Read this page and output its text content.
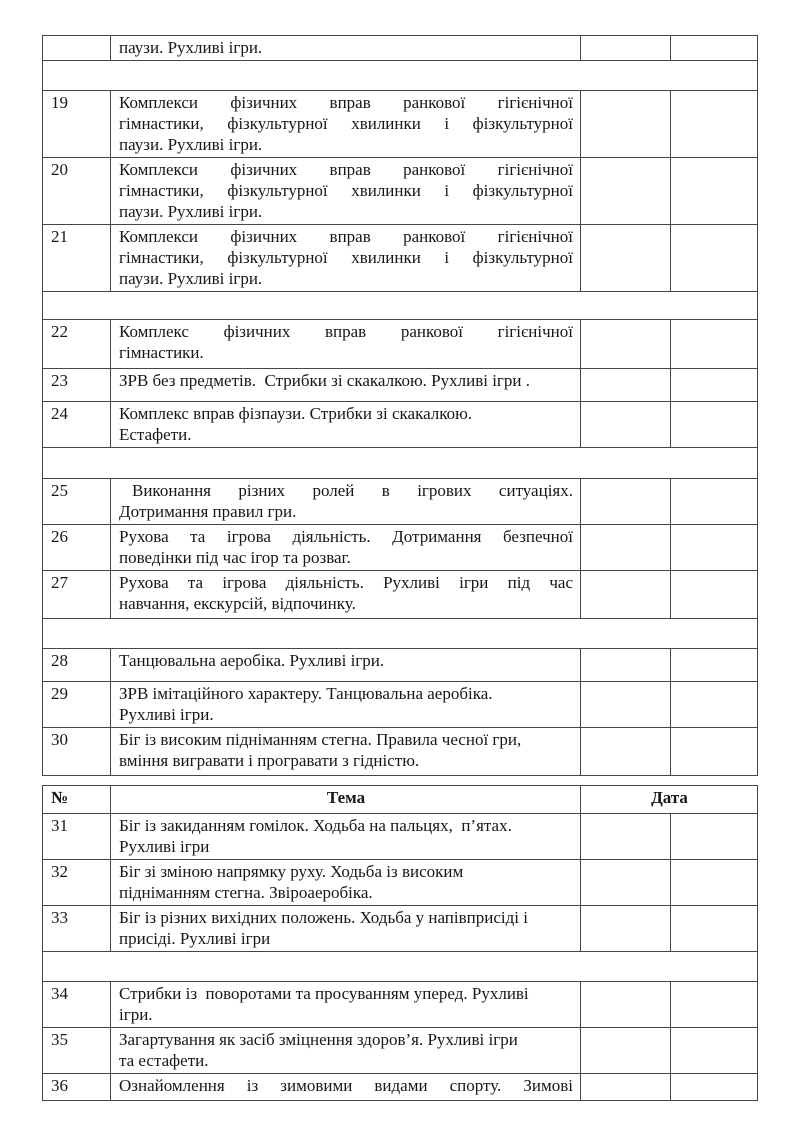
	паузи. Рухливі ігри.		

19	Комплекси фізичних вправ ранкової гігієнічної
гімнастики, фізкультурної хвилинки і фізкультурної
паузи. Рухливі ігри.		

20	Комплекси фізичних вправ ранкової гігієнічної
гімнастики, фізкультурної хвилинки і фізкультурної
паузи. Рухливі ігри.		

21	Комплекси фізичних вправ ранкової гігієнічної
гімнастики, фізкультурної хвилинки і фізкультурної
паузи. Рухливі ігри.		

22	Комплекс фізичних вправ ранкової гігієнічної
гімнастики.		

23	ЗРВ без предметів.  Стрибки зі скакалкою. Рухливі ігри .		

24	Комплекс вправ фізпаузи. Стрибки зі скакалкою.
Естафети.		

25	Виконання різних ролей в ігрових ситуаціях.
Дотримання правил гри.		

26	Рухова та ігрова діяльність. Дотримання безпечної
поведінки під час ігор та розваг.		

27	Рухова та ігрова діяльність. Рухливі ігри під час
навчання, екскурсій, відпочинку.		

28	Танцювальна аеробіка. Рухливі ігри.		

29	ЗРВ імітаційного характеру. Танцювальна аеробіка.
Рухливі ігри.		

30	Біг із високим підніманням стегна. Правила чесної гри,
вміння вигравати і програвати з гідністю.		

№	Тема	Дата	
31	Біг із закиданням гомілок. Ходьба на пальцях,  п’ятах.
Рухливі ігри		

32	Біг зі зміною напрямку руху. Ходьба із високим
підніманням стегна. Звіроаеробіка.		

33	Біг із різних вихідних положень. Ходьба у напівприсіді і
присіді. Рухливі ігри		

34	Стрибки із  поворотами та просуванням уперед. Рухливі
ігри.		

35	Загартування як засіб зміцнення здоров’я. Рухливі ігри
та естафети.		

36	Ознайомлення із зимовими видами спорту. Зимові		
